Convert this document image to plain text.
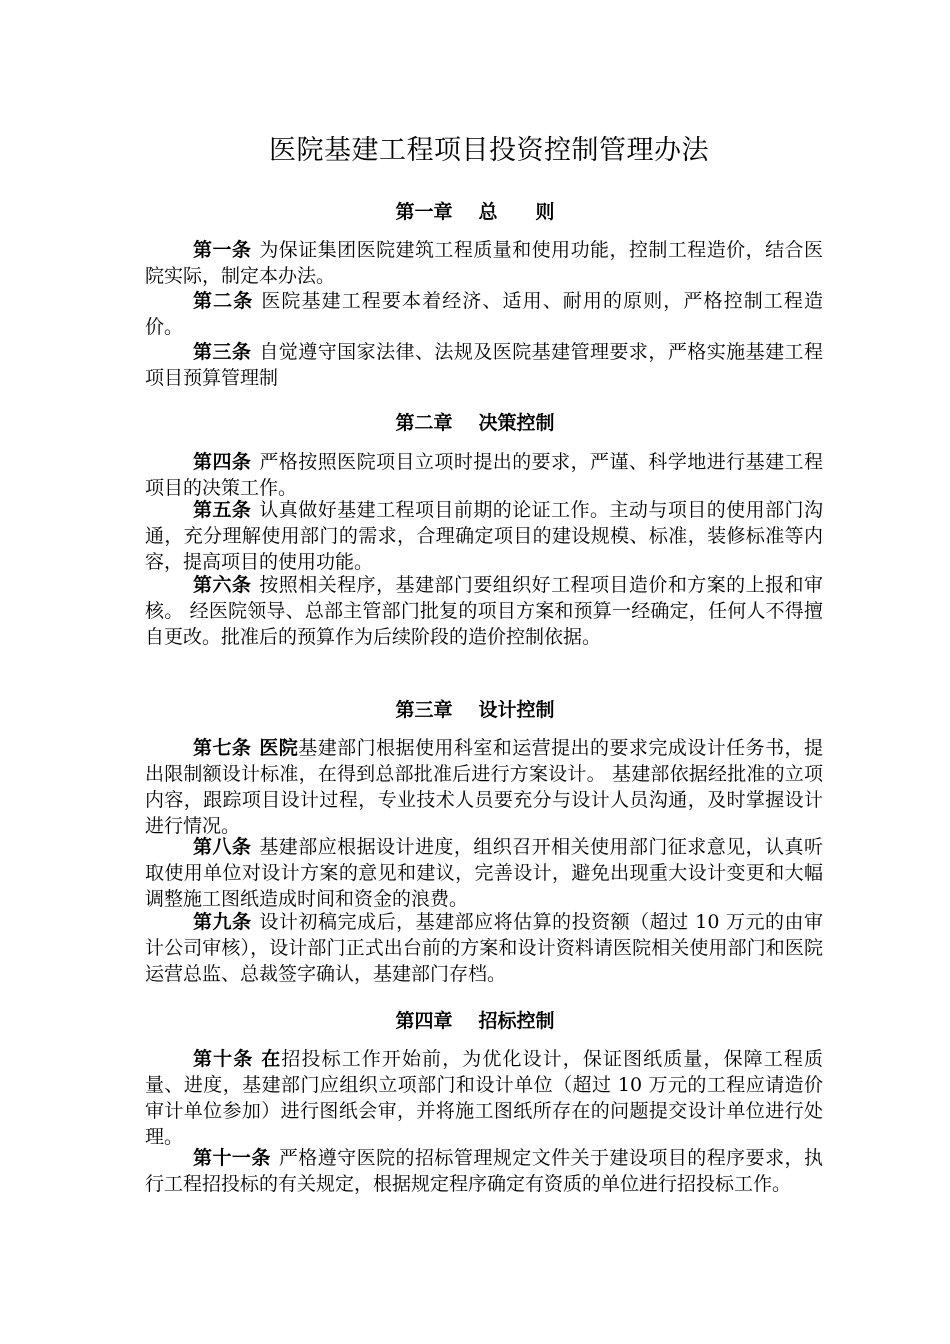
医院基建工程项目投资控制管理办法
第一章 总 则

第一条 为保证集团医院建筑工程质量和使用功能，控制工程造价，结合医院实际，制定本办法。

第二条 医院基建工程要本着经济、适用、耐用的原则，严格控制工程造价。

第三条 自觉遵守国家法律、法规及医院基建管理要求，严格实施基建工程项目预算管理制

第二章 决策控制

第四条 严格按照医院项目立项时提出的要求，严谨、科学地进行基建工程项目的决策工作。

第五条 认真做好基建工程项目前期的论证工作。主动与项目的使用部门沟通，充分理解使用部门的需求，合理确定项目的建设规模、标准，装修标准等内容，提高项目的使用功能。

第六条 按照相关程序，基建部门要组织好工程项目造价和方案的上报和审核。 经医院领导、总部主管部门批复的项目方案和预算一经确定，任何人不得擅自更改。批准后的预算作为后续阶段的造价控制依据。

第三章 设计控制

第七条 医院基建部门根据使用科室和运营提出的要求完成设计任务书，提出限制额设计标准，在得到总部批准后进行方案设计。 基建部依据经批准的立项内容，跟踪项目设计过程，专业技术人员要充分与设计人员沟通，及时掌握设计进行情况。

第八条 基建部应根据设计进度，组织召开相关使用部门征求意见，认真听取使用单位对设计方案的意见和建议，完善设计，避免出现重大设计变更和大幅调整施工图纸造成时间和资金的浪费。

第九条 设计初稿完成后，基建部应将估算的投资额（超过 10 万元的由审计公司审核），设计部门正式出台前的方案和设计资料请医院相关使用部门和医院运营总监、总裁签字确认，基建部门存档。

第四章 招标控制

第十条 在招投标工作开始前，为优化设计，保证图纸质量，保障工程质量、进度，基建部门应组织立项部门和设计单位（超过 10 万元的工程应请造价审计单位参加）进行图纸会审，并将施工图纸所存在的问题提交设计单位进行处理。

第十一条 严格遵守医院的招标管理规定文件关于建设项目的程序要求，执行工程招投标的有关规定，根据规定程序确定有资质的单位进行招投标工作。
